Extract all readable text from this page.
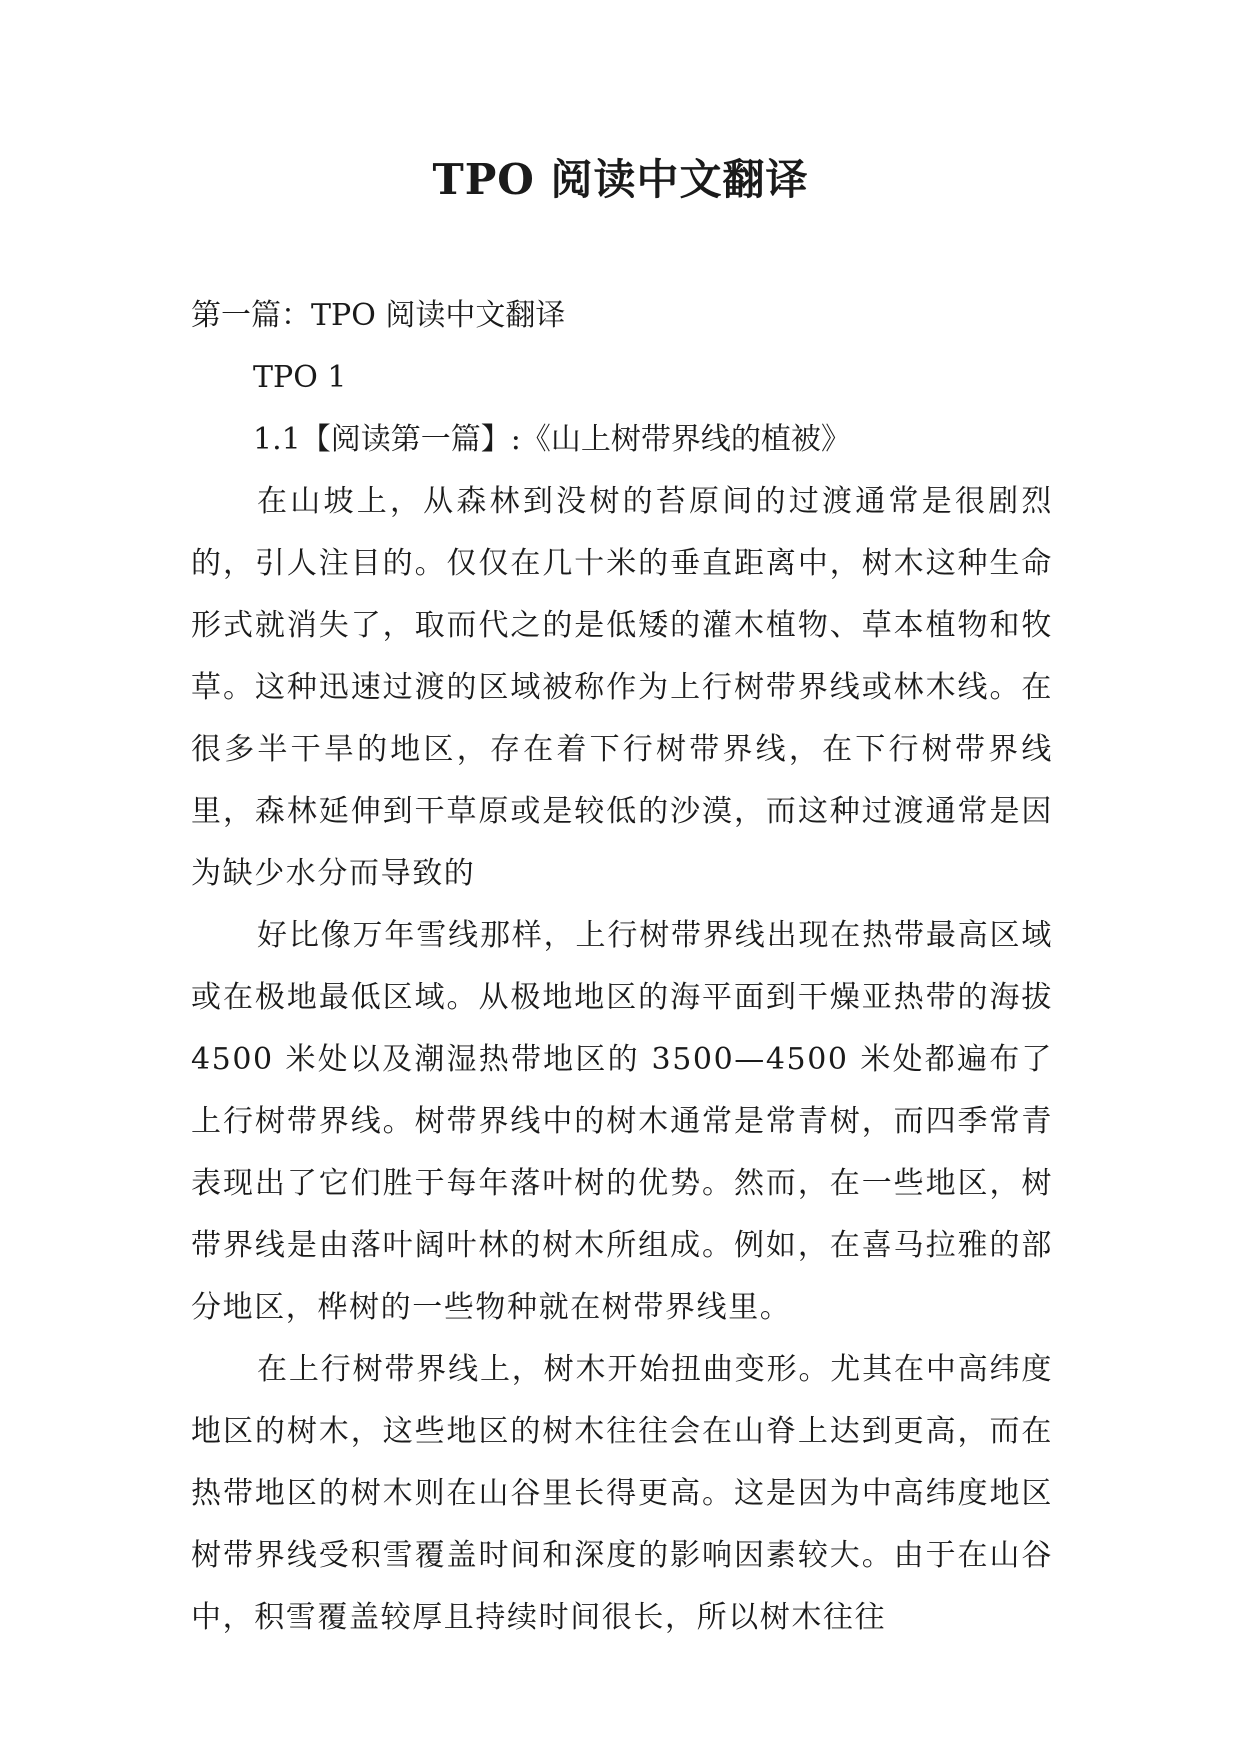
TPO 阅读中文翻译

第一篇：TPO 阅读中文翻译

TPO 1

1.1【阅读第一篇】:《山上树带界线的植被》

在山坡上，从森林到没树的苔原间的过渡通常是很剧烈的，引人注目的。仅仅在几十米的垂直距离中，树木这种生命形式就消失了，取而代之的是低矮的灌木植物、草本植物和牧草。这种迅速过渡的区域被称作为上行树带界线或林木线。在很多半干旱的地区，存在着下行树带界线，在下行树带界线里，森林延伸到干草原或是较低的沙漠，而这种过渡通常是因为缺少水分而导致的

好比像万年雪线那样，上行树带界线出现在热带最高区域或在极地最低区域。从极地地区的海平面到干燥亚热带的海拔 4500 米处以及潮湿热带地区的 3500—4500 米处都遍布了上行树带界线。树带界线中的树木通常是常青树，而四季常青表现出了它们胜于每年落叶树的优势。然而，在一些地区，树带界线是由落叶阔叶林的树木所组成。例如，在喜马拉雅的部分地区，桦树的一些物种就在树带界线里。

在上行树带界线上，树木开始扭曲变形。尤其在中高纬度地区的树木，这些地区的树木往往会在山脊上达到更高，而在热带地区的树木则在山谷里长得更高。这是因为中高纬度地区树带界线受积雪覆盖时间和深度的影响因素较大。由于在山谷中，积雪覆盖较厚且持续时间很长，所以树木往往
